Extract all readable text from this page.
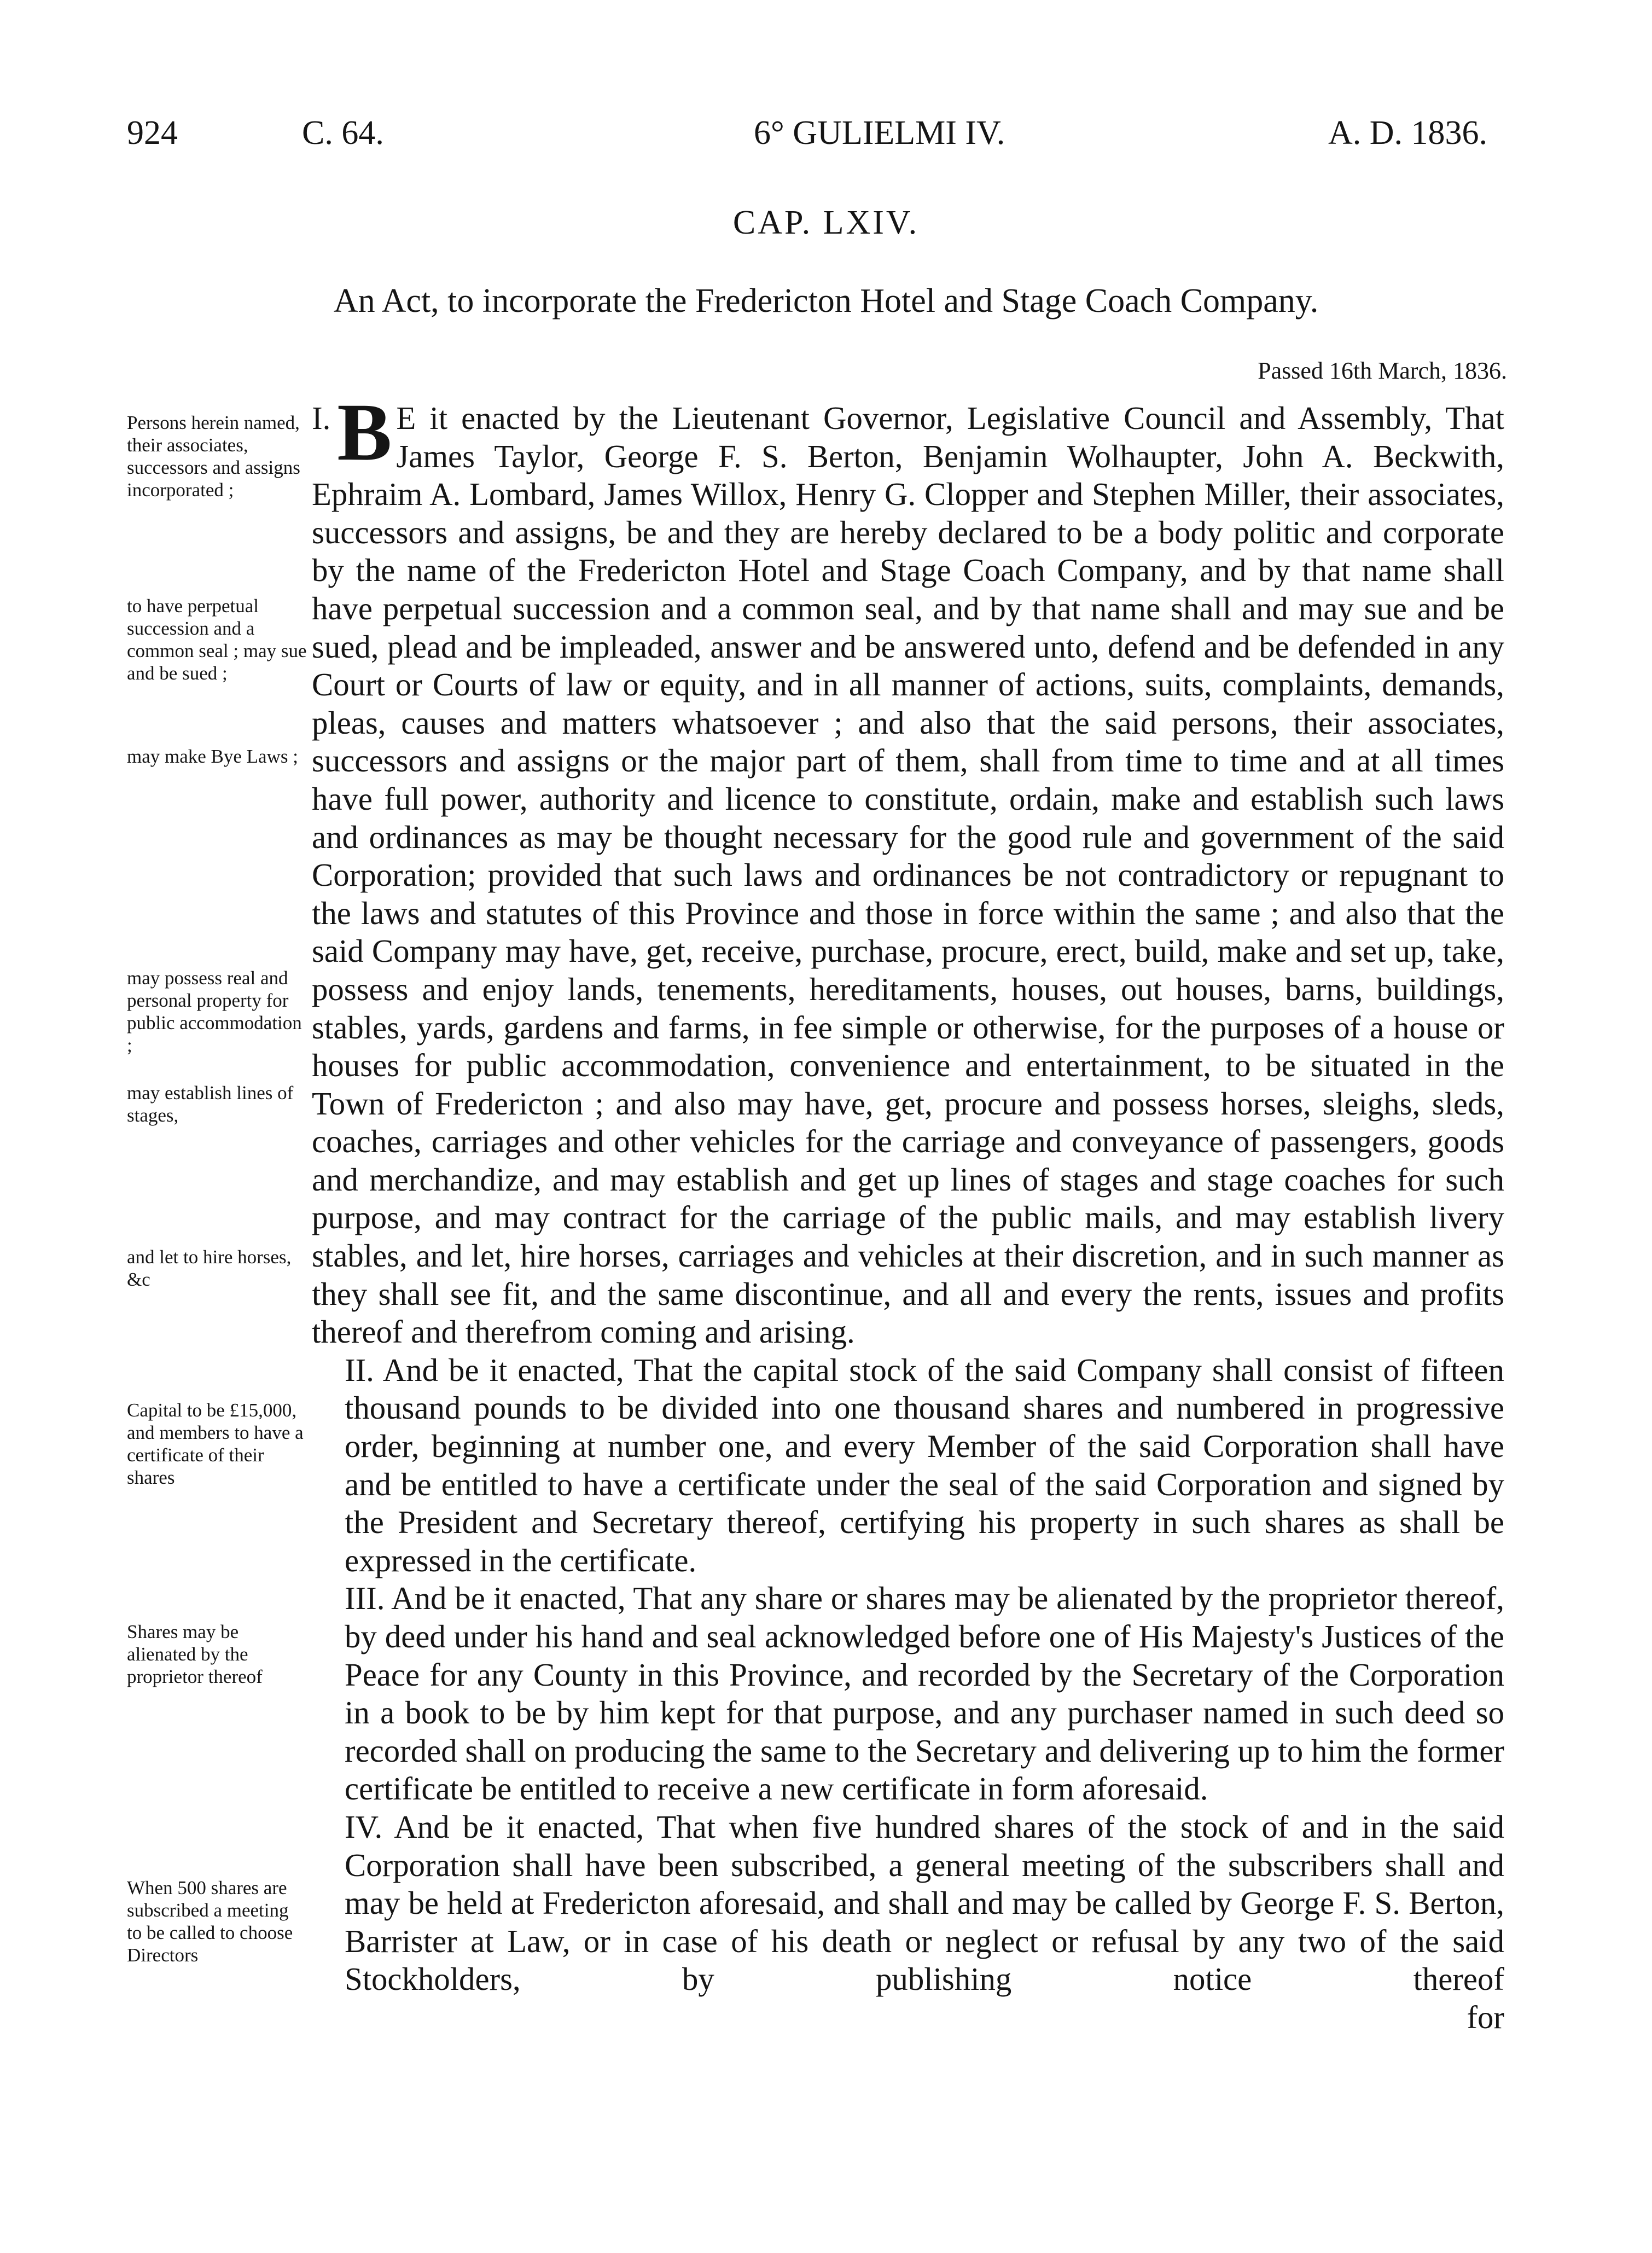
924	C. 64.	6° GULIELMI IV.	A. D. 1836.
CAP. LXIV.
An Act, to incorporate the Fredericton Hotel and Stage Coach Company.
Passed 16th March, 1836.
Persons herein named, their associates, successors and assigns incorporated ;
to have perpetual succession and a common seal ; may sue and be sued ;
may make Bye Laws ;
may possess real and personal property for public accommodation ;
may establish lines of stages,
and let to hire horses, &c
Capital to be £15,000, and members to have a certificate of their shares
Shares may be alienated by the proprietor thereof
When 500 shares are subscribed a meeting to be called to choose Directors

I. B E it enacted by the Lieutenant Governor, Legislative Council and Assembly, That James Taylor, George F. S. Berton, Benjamin Wolhaupter, John A. Beckwith, Ephraim A. Lombard, James Willox, Henry G. Clopper and Stephen Miller, their associates, successors and assigns, be and they are hereby declared to be a body politic and corporate by the name of the Fredericton Hotel and Stage Coach Company, and by that name shall have perpetual succession and a common seal, and by that name shall and may sue and be sued, plead and be impleaded, answer and be answered unto, defend and be defended in any Court or Courts of law or equity, and in all manner of actions, suits, complaints, demands, pleas, causes and matters whatsoever ; and also that the said persons, their associates, successors and assigns or the major part of them, shall from time to time and at all times have full power, authority and licence to constitute, ordain, make and establish such laws and ordinances as may be thought necessary for the good rule and government of the said Corporation; provided that such laws and ordinances be not contradictory or repugnant to the laws and statutes of this Province and those in force within the same ; and also that the said Company may have, get, receive, purchase, procure, erect, build, make and set up, take, possess and enjoy lands, tenements, hereditaments, houses, out houses, barns, buildings, stables, yards, gardens and farms, in fee simple or otherwise, for the purposes of a house or houses for public accommodation, convenience and entertainment, to be situated in the Town of Fredericton ; and also may have, get, procure and possess horses, sleighs, sleds, coaches, carriages and other vehicles for the carriage and conveyance of passengers, goods and merchandize, and may establish and get up lines of stages and stage coaches for such purpose, and may contract for the carriage of the public mails, and may establish livery stables, and let, hire horses, carriages and vehicles at their discretion, and in such manner as they shall see fit, and the same discontinue, and all and every the rents, issues and profits thereof and therefrom coming and arising.

II. And be it enacted, That the capital stock of the said Company shall consist of fifteen thousand pounds to be divided into one thousand shares and numbered in progressive order, beginning at number one, and every Member of the said Corporation shall have and be entitled to have a certificate under the seal of the said Corporation and signed by the President and Secretary thereof, certifying his property in such shares as shall be expressed in the certificate.

III. And be it enacted, That any share or shares may be alienated by the proprietor thereof, by deed under his hand and seal acknowledged before one of His Majesty's Justices of the Peace for any County in this Province, and recorded by the Secretary of the Corporation in a book to be by him kept for that purpose, and any purchaser named in such deed so recorded shall on producing the same to the Secretary and delivering up to him the former certificate be entitled to receive a new certificate in form aforesaid.

IV. And be it enacted, That when five hundred shares of the stock of and in the said Corporation shall have been subscribed, a general meeting of the subscribers shall and may be held at Fredericton aforesaid, and shall and may be called by George F. S. Berton, Barrister at Law, or in case of his death or neglect or refusal by any two of the said Stockholders, by publishing notice thereof

for
